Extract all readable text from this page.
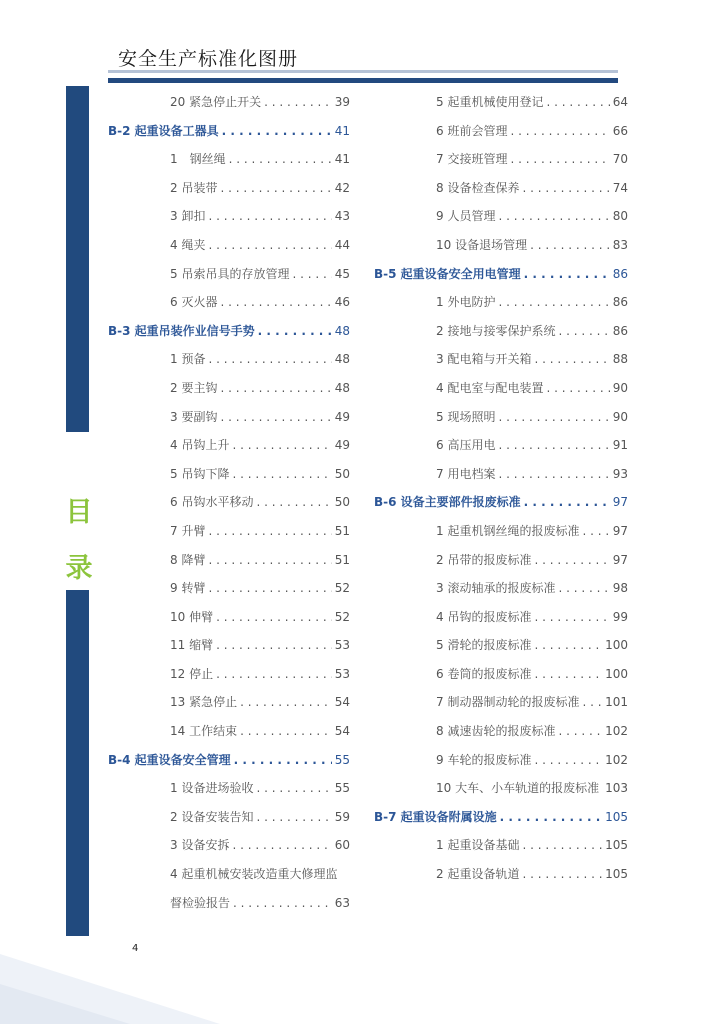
安全生产标准化图册
目
录
20 紧急停止开关 . . .	39
B-2 起重设备工器具 . . .	41
1　钢丝绳 . . .	41
2 吊装带 . . .	42
3 卸扣 . . .	43
4 绳夹 . . .	44
5 吊索吊具的存放管理 . . .	45
6 灭火器 . . .	46
B-3 起重吊装作业信号手势 . . .	48
1 预备 . . .	48
2 要主钩 . . .	48
3 要副钩 . . .	49
4 吊钩上升 . . .	49
5 吊钩下降 . . .	50
6 吊钩水平移动 . . .	50
7 升臂 . . .	51
8 降臂 . . .	51
9 转臂 . . .	52
10 伸臂 . . .	52
11 缩臂 . . .	53
12 停止 . . .	53
13 紧急停止 . . .	54
14 工作结束 . . .	54
B-4 起重设备安全管理 . . .	55
1 设备进场验收 . . .	55
2 设备安装告知 . . .	59
3 设备安拆 . . .	60
4 起重机械安装改造重大修理监
督检验报告 . . .	63
5 起重机械使用登记 . . .	64
6 班前会管理 . . .	66
7 交接班管理 . . .	70
8 设备检查保养 . . .	74
9 人员管理 . . .	80
10 设备退场管理 . . .	83
B-5 起重设备安全用电管理 . . .	86
1 外电防护 . . .	86
2 接地与接零保护系统 . . .	86
3 配电箱与开关箱 . . .	88
4 配电室与配电装置 . . .	90
5 现场照明 . . .	90
6 高压用电 . . .	91
7 用电档案 . . .	93
B-6 设备主要部件报废标准 . . .	97
1 起重机钢丝绳的报废标准 . . .	97
2 吊带的报废标准 . . .	97
3 滚动轴承的报废标准 . . .	98
4 吊钩的报废标准 . . .	99
5 滑轮的报废标准 . . .	100
6 卷筒的报废标准 . . .	100
7 制动器制动轮的报废标准 . . . 101
8 减速齿轮的报废标准 . . .	102
9 车轮的报废标准 . . .	102
10 大车、小车轨道的报废标准 103
B-7 起重设备附属设施 . . .	105
1 起重设备基础 . . .	105
2 起重设备轨道 . . .	105
4
